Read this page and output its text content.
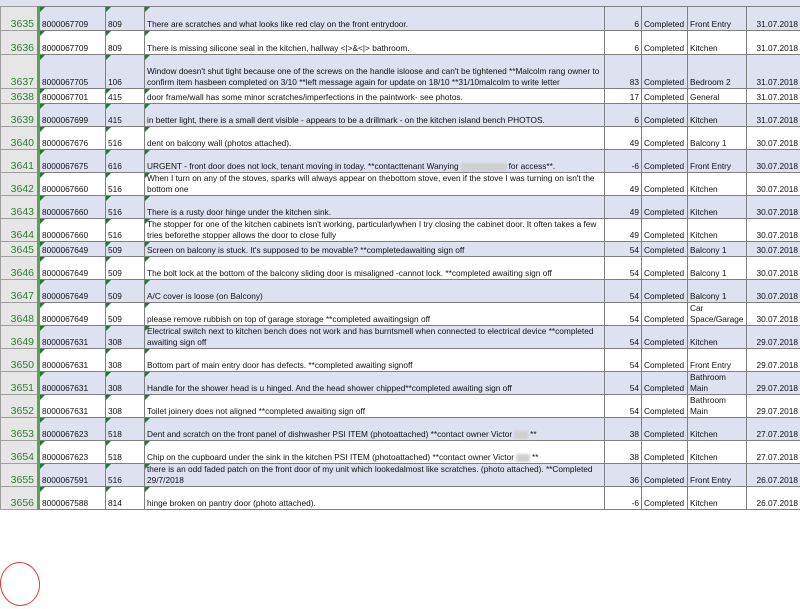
3635	8000067709	809	There are scratches and what looks like red clay on the front entrydoor.	6	Completed	Front Entry	31.07.2018
3636	8000067709	809	There is missing silicone seal in the kitchen, hallway <|>&<|> bathroom.	6	Completed	Kitchen	31.07.2018
3637	8000067705	106	Window doesn't shut tight because one of the screws on the handle isloose and can't be tightened **Malcolm rang owner to confirm item hasbeen completed on 3/10 **left message again for update on 18/10 **31/10malcolm to write letter	83	Completed	Bedroom 2	31.07.2018
3638	8000067701	415	door frame/wall has some minor scratches/imperfections in the paintwork- see photos.	17	Completed	General	31.07.2018
3639	8000067699	415	in better light, there is a small dent visible - appears to be a drillmark - on the kitchen island bench PHOTOS.	6	Completed	Kitchen	31.07.2018
3640	8000067676	516	dent on balcony wall (photos attached).	49	Completed	Balcony 1	30.07.2018
3641	8000067675	616	URGENT - front door does not lock, tenant moving in today. **contacttenant Wanying for access**.	-6	Completed	Front Entry	30.07.2018
3642	8000067660	516	When I turn on any of the stoves, sparks will always appear on thebottom stove, even if the stove I was turning on isn't the bottom one	49	Completed	Kitchen	30.07.2018
3643	8000067660	516	There is a rusty door hinge under the kitchen sink.	49	Completed	Kitchen	30.07.2018
3644	8000067660	516	The stopper for one of the kitchen cabinets isn't working, particularlywhen I try closing the cabinet door. It often takes a few tries beforethe stopper allows the door to close fully	49	Completed	Kitchen	30.07.2018
3645	8000067649	509	Screen on balcony is stuck. It's supposed to be movable? **completedawaiting sign off	54	Completed	Balcony 1	30.07.2018
3646	8000067649	509	The bolt lock at the bottom of the balcony sliding door is misaligned -cannot lock. **completed awaiting sign off	54	Completed	Balcony 1	30.07.2018
3647	8000067649	509	A/C cover is loose (on Balcony)	54	Completed	Balcony 1	30.07.2018
3648	8000067649	509	please remove rubbish on top of garage storage **completed awaitingsign off	54	Completed	Car Space/Garage	30.07.2018
3649	8000067631	308	Electrical switch next to kitchen bench does not work and has burntsmell when connected to electrical device **completed awaiting sign off	54	Completed	Kitchen	29.07.2018
3650	8000067631	308	Bottom part of main entry door has defects. **completed awaiting signoff	54	Completed	Front Entry	29.07.2018
3651	8000067631	308	Handle for the shower head is u hinged. And the head shower chipped**completed awaiting sign off	54	Completed	Bathroom Main	29.07.2018
3652	8000067631	308	Toilet joinery does not aligned **completed awaiting sign off	54	Completed	Bathroom Main	29.07.2018
3653	8000067623	518	Dent and scratch on the front panel of dishwasher PSI ITEM (photoattached) **contact owner Victor **	38	Completed	Kitchen	27.07.2018
3654	8000067623	518	Chip on the cupboard under the sink in the kitchen PSI ITEM (photoattached) **contact owner Victor **	38	Completed	Kitchen	27.07.2018
3655	8000067591	516	there is an odd faded patch on the front door of my unit which lookedalmost like scratches. (photo attached). **Completed 29/7/2018	36	Completed	Front Entry	26.07.2018
3656	8000067588	814	hinge broken on pantry door (photo attached).	-6	Completed	Kitchen	26.07.2018
